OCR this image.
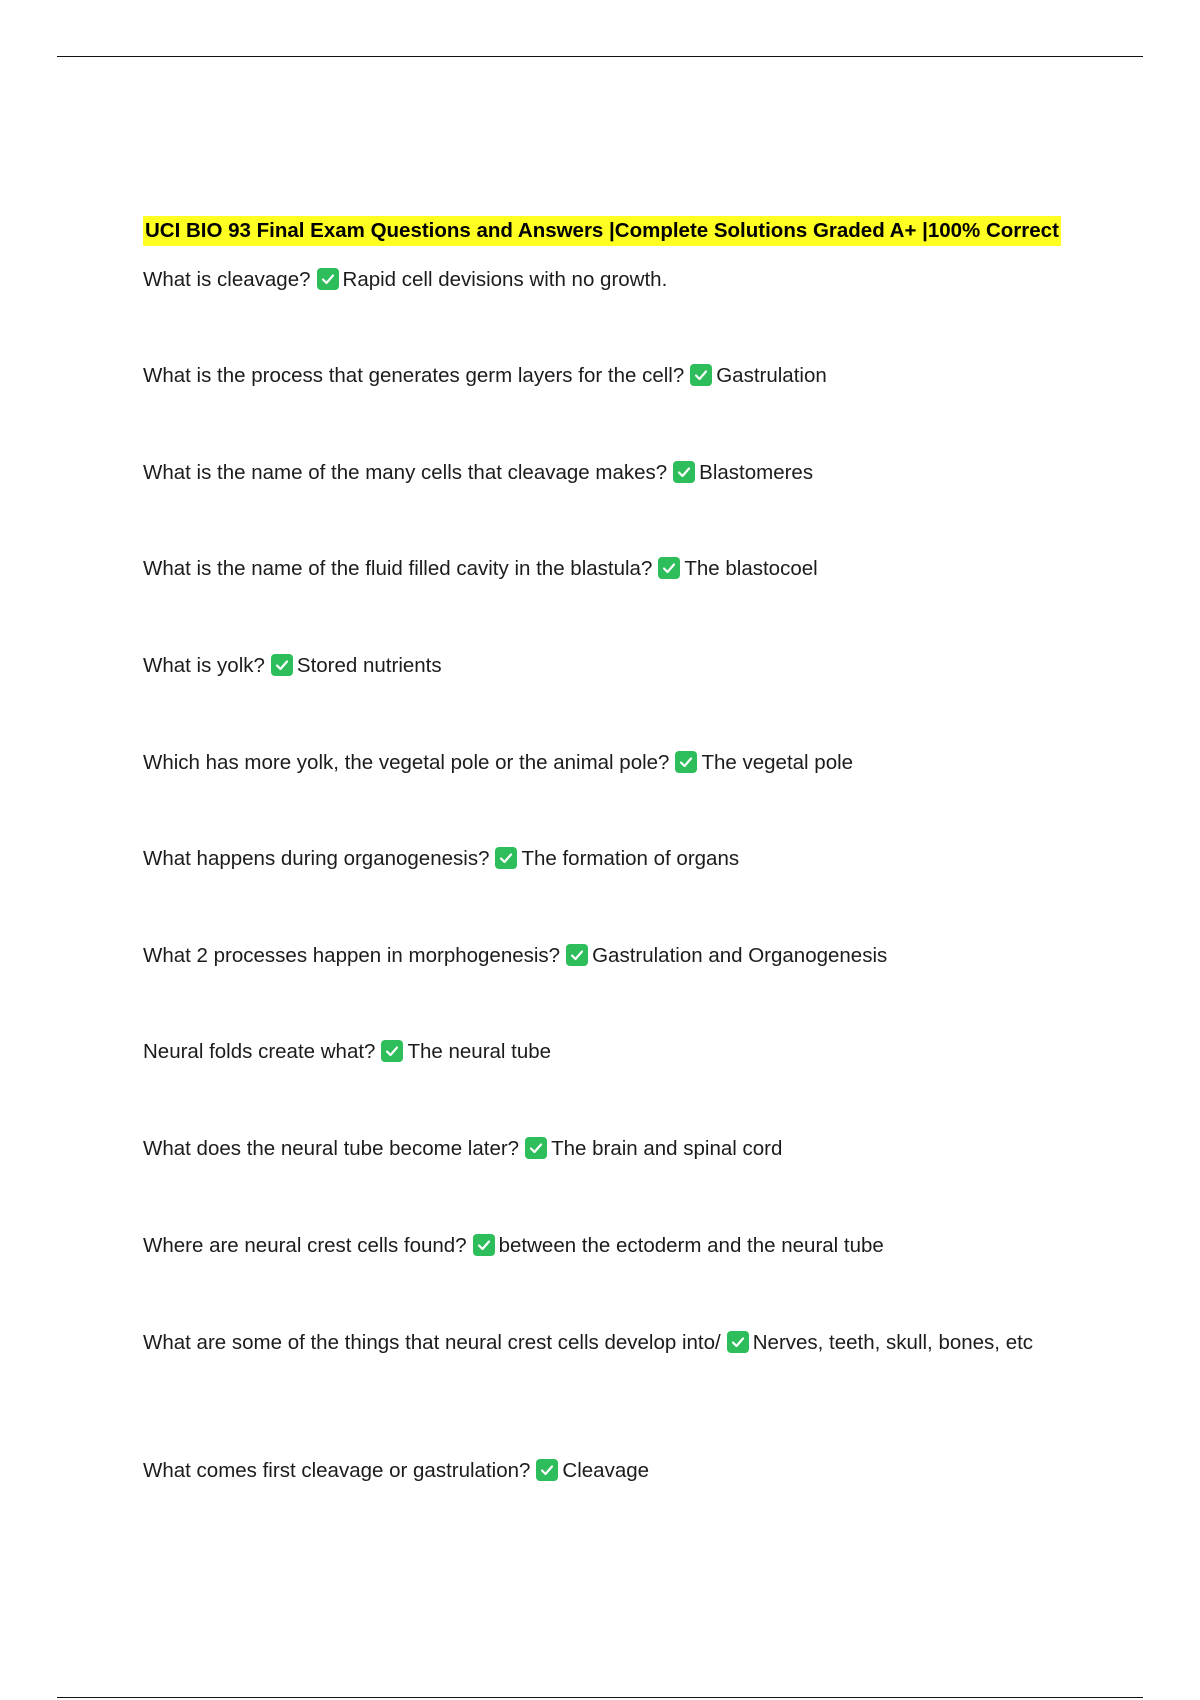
UCI BIO 93 Final Exam Questions and Answers |Complete Solutions Graded A+ |100% Correct
What is cleavage? Rapid cell devisions with no growth.
What is the process that generates germ layers for the cell? Gastrulation
What is the name of the many cells that cleavage makes? Blastomeres
What is the name of the fluid filled cavity in the blastula? The blastocoel
What is yolk? Stored nutrients
Which has more yolk, the vegetal pole or the animal pole? The vegetal pole
What happens during organogenesis? The formation of organs
What 2 processes happen in morphogenesis? Gastrulation and Organogenesis
Neural folds create what? The neural tube
What does the neural tube become later? The brain and spinal cord
Where are neural crest cells found? between the ectoderm and the neural tube
What are some of the things that neural crest cells develop into/ Nerves, teeth, skull, bones, etc
What comes first cleavage or gastrulation? Cleavage
